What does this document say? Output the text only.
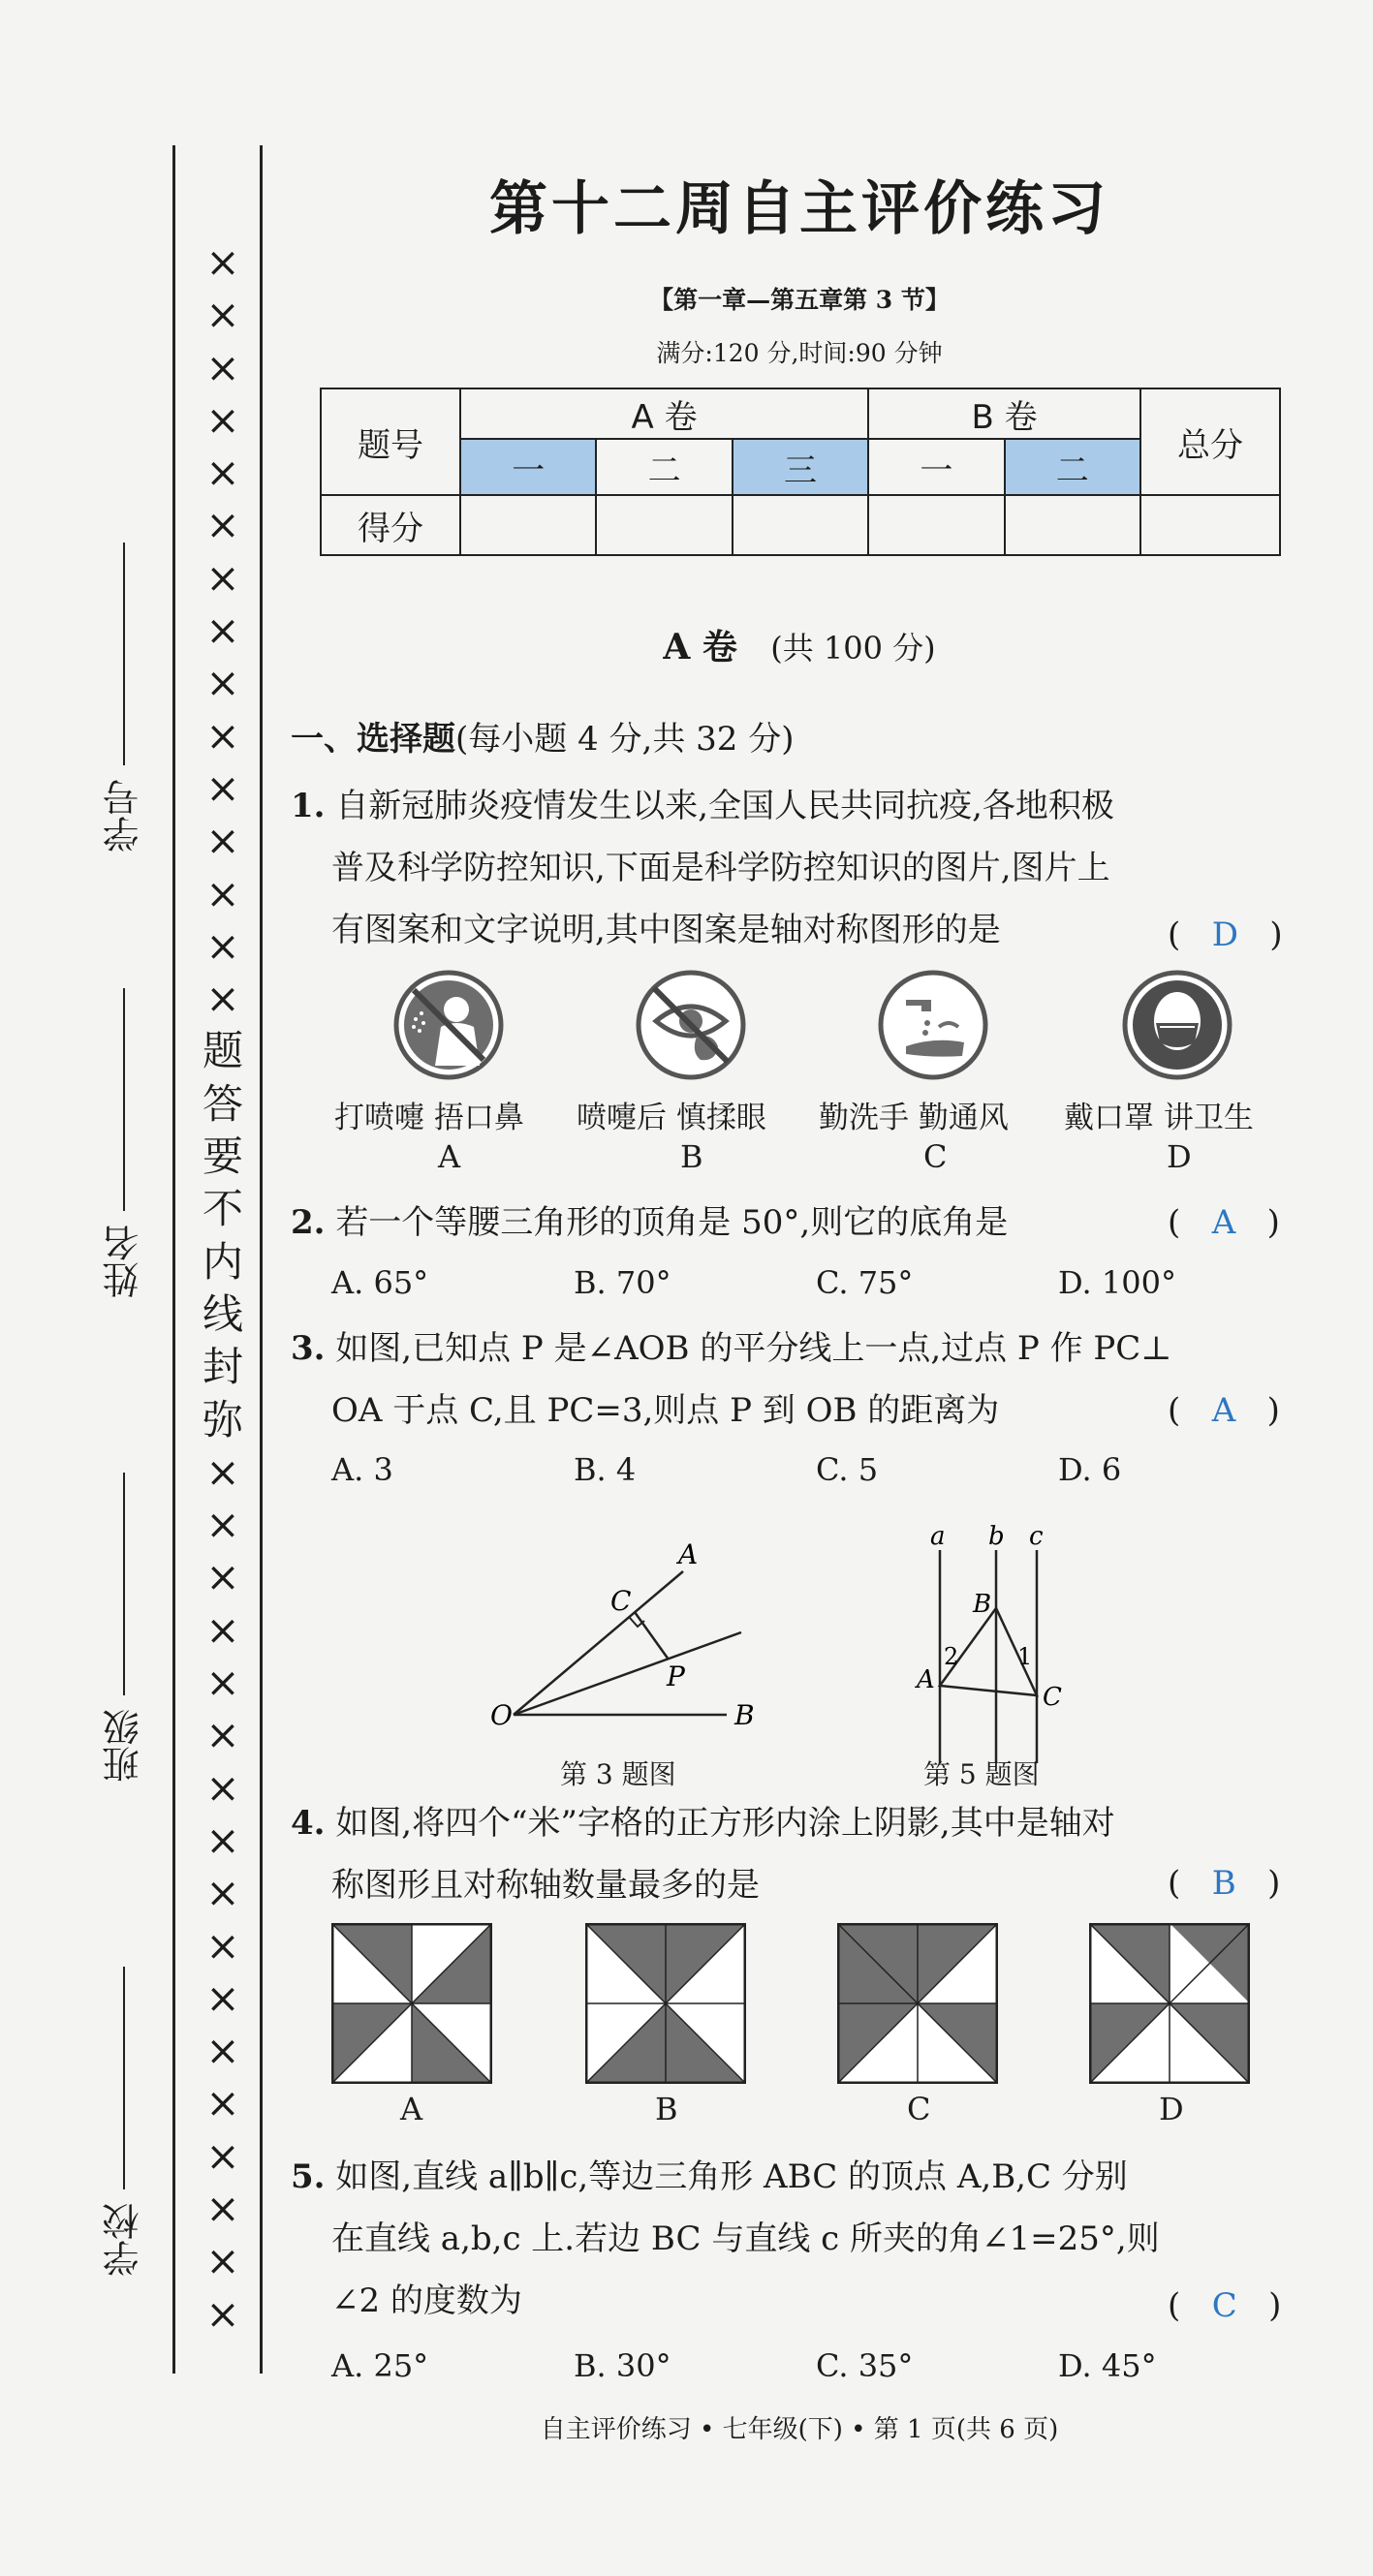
学号
姓名
班级
学校
×
×
×
×
×
×
×
×
×
×
×
×
×
×
×
题
答
要
不
内
线
封
弥
×
×
×
×
×
×
×
×
×
×
×
×
×
×
×
×
×
第十二周自主评价练习
【第一章—第五章第 3 节】
满分:120 分,时间:90 分钟
题号	A 卷			B 卷		总分
	一	二	三	一	二	
得分						
A 卷 (共 100 分)
一、选择题(每小题 4 分,共 32 分)
1. 自新冠肺炎疫情发生以来,全国人民共同抗疫,各地积极
普及科学防控知识,下面是科学防控知识的图片,图片上
有图案和文字说明,其中图案是轴对称图形的是	(   D   )
打喷嚏 捂口鼻 喷嚏后 慎揉眼 勤洗手 勤通风 戴口罩 讲卫生
A	B	C	D
2. 若一个等腰三角形的顶角是 50°,则它的底角是	(   A   )
A. 65°	B. 70°	C. 75°	D. 100°
3. 如图,已知点 P 是∠AOB 的平分线上一点,过点 P 作 PC⊥
OA 于点 C,且 PC=3,则点 P 到 OB 的距离为	(   A   )
A. 3	B. 4	C. 5	D. 6
A
C
P
O	B
第 3 题图
a b c
B
2	1
A
C
第 5 题图
4. 如图,将四个“米”字格的正方形内涂上阴影,其中是轴对
称图形且对称轴数量最多的是	(   B   )
A	B	C	D
5. 如图,直线 a∥b∥c,等边三角形 ABC 的顶点 A,B,C 分别
在直线 a,b,c 上.若边 BC 与直线 c 所夹的角∠1=25°,则
∠2 的度数为	(   C   )
A. 25°	B. 30°	C. 35°	D. 45°
自主评价练习 • 七年级(下) • 第 1 页(共 6 页)
